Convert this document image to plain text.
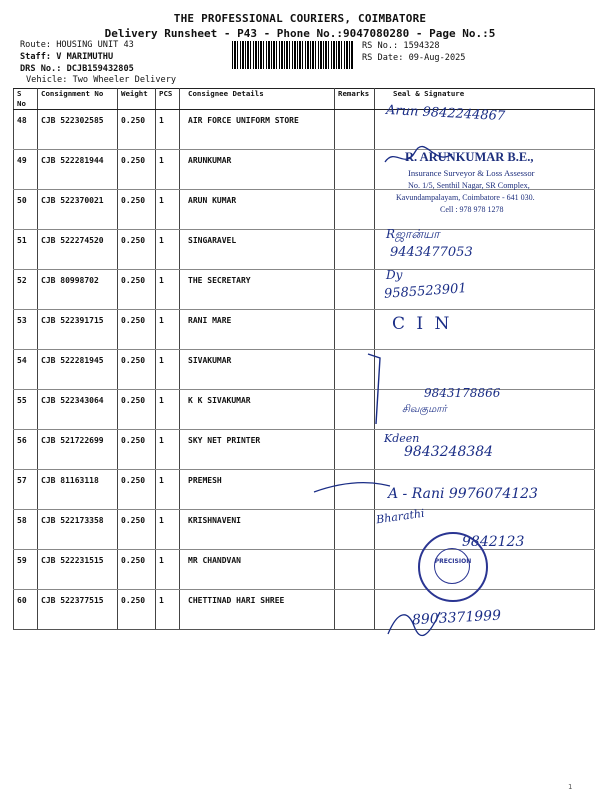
THE PROFESSIONAL COURIERS, COIMBATORE
Delivery Runsheet - P43 - Phone No.:9047080280 - Page No.:5
Route: HOUSING UNIT 43
Staff: V MARIMUTHU
DRS No.: DCJB159432805
Vehicle: Two Wheeler Delivery
RS No.: 1594328
RS Date: 09-Aug-2025
S No	Consignment No	Weight	PCS	Consignee Details	Remarks	Seal & Signature
48	CJB 522302585	0.250	1	AIR FORCE UNIFORM STORE		
49	CJB 522281944	0.250	1	ARUNKUMAR		
50	CJB 522370021	0.250	1	ARUN KUMAR		
51	CJB 522274520	0.250	1	SINGARAVEL		
52	CJB 80998702	0.250	1	THE SECRETARY		
53	CJB 522391715	0.250	1	RANI MARE		
54	CJB 522281945	0.250	1	SIVAKUMAR		
55	CJB 522343064	0.250	1	K K SIVAKUMAR		
56	CJB 521722699	0.250	1	SKY NET PRINTER		
57	CJB 81163118	0.250	1	PREMESH		
58	CJB 522173358	0.250	1	KRISHNAVENI		
59	CJB 522231515	0.250	1	MR CHANDVAN		
60	CJB 522377515	0.250	1	CHETTINAD HARI SHREE		
Arun 9842244867
R. ARUNKUMAR B.E.,
Insurance Surveyor & Loss Assessor
No. 1/5, Senthil Nagar, SR Complex,
Kavundampalayam, Coimbatore - 641 030.
Cell : 978 978 1278
Rஜான்யா
9443477053
Dy
9585523901
C I N
9843178866
சிவகுமார்
Kdeen
9843248384
A - Rani 9976074123
Bharathi
9842123
PRECISION
8903371999
1
